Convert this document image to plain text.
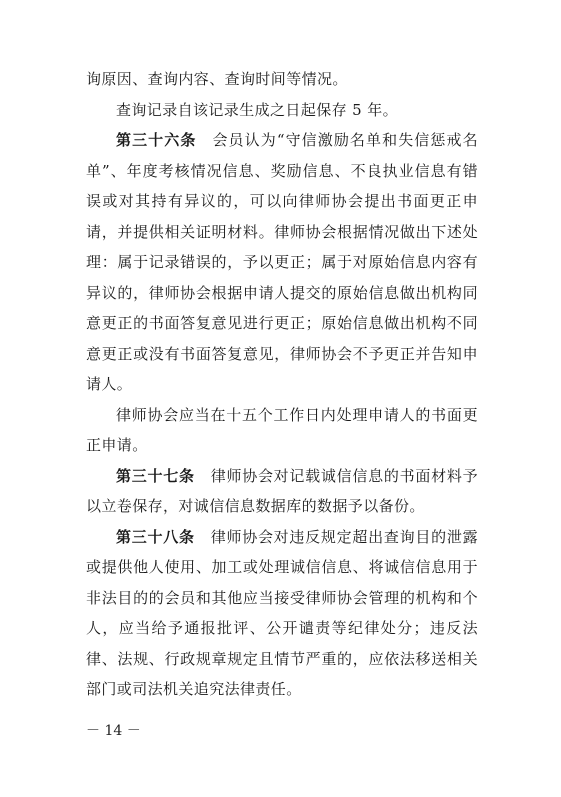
询原因、查询内容、查询时间等情况。

查询记录自该记录生成之日起保存 5 年。

第三十六条 会员认为“守信激励名单和失信惩戒名单”、年度考核情况信息、奖励信息、不良执业信息有错误或对其持有异议的，可以向律师协会提出书面更正申请，并提供相关证明材料。律师协会根据情况做出下述处理：属于记录错误的，予以更正；属于对原始信息内容有异议的，律师协会根据申请人提交的原始信息做出机构同意更正的书面答复意见进行更正；原始信息做出机构不同意更正或没有书面答复意见，律师协会不予更正并告知申请人。

律师协会应当在十五个工作日内处理申请人的书面更正申请。

第三十七条 律师协会对记载诚信信息的书面材料予以立卷保存，对诚信信息数据库的数据予以备份。

第三十八条 律师协会对违反规定超出查询目的泄露或提供他人使用、加工或处理诚信信息、将诚信信息用于非法目的的会员和其他应当接受律师协会管理的机构和个人，应当给予通报批评、公开谴责等纪律处分；违反法律、法规、行政规章规定且情节严重的，应依法移送相关部门或司法机关追究法律责任。

－ 14 －
